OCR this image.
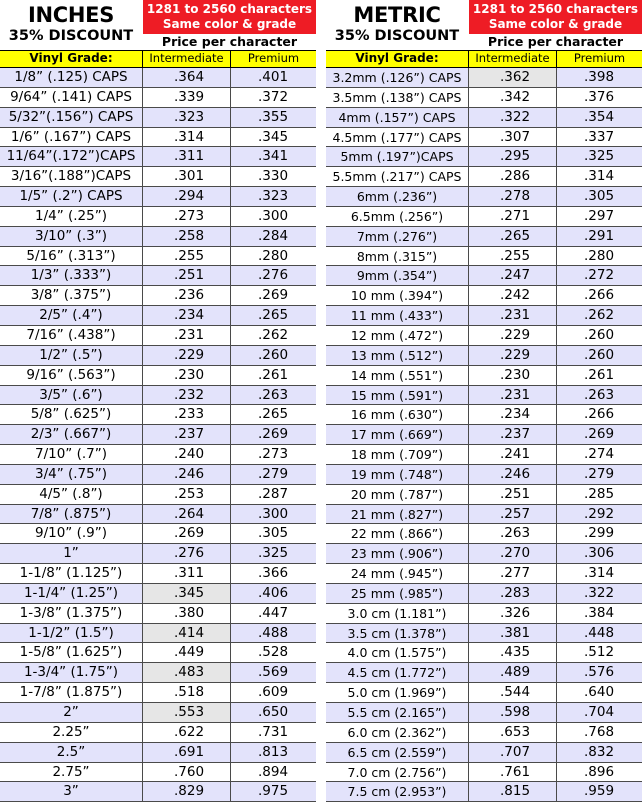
INCHES
35% DISCOUNT
1281 to 2560 characters
Same color & grade
Price per character
Vinyl Grade:	Intermediate	Premium
1/8” (.125) CAPS	.364	.401
9/64” (.141) CAPS	.339	.372
5/32”(.156”) CAPS	.323	.355
1/6” (.167”) CAPS	.314	.345
11/64”(.172”)CAPS	.311	.341
3/16”(.188”)CAPS	.301	.330
1/5” (.2”) CAPS	.294	.323
1/4” (.25”)	.273	.300
3/10” (.3”)	.258	.284
5/16” (.313”)	.255	.280
1/3” (.333”)	.251	.276
3/8” (.375”)	.236	.269
2/5” (.4”)	.234	.265
7/16” (.438”)	.231	.262
1/2” (.5”)	.229	.260
9/16” (.563”)	.230	.261
3/5” (.6”)	.232	.263
5/8” (.625”)	.233	.265
2/3” (.667”)	.237	.269
7/10” (.7”)	.240	.273
3/4” (.75”)	.246	.279
4/5” (.8”)	.253	.287
7/8” (.875”)	.264	.300
9/10” (.9”)	.269	.305
1”	.276	.325
1-1/8” (1.125”)	.311	.366
1-1/4” (1.25”)	.345	.406
1-3/8” (1.375”)	.380	.447
1-1/2” (1.5”)	.414	.488
1-5/8” (1.625”)	.449	.528
1-3/4” (1.75”)	.483	.569
1-7/8” (1.875”)	.518	.609
2”	.553	.650
2.25”	.622	.731
2.5”	.691	.813
2.75”	.760	.894
3”	.829	.975
METRIC
35% DISCOUNT
1281 to 2560 characters
Same color & grade
Price per character
Vinyl Grade:	Intermediate	Premium
3.2mm (.126”) CAPS	.362	.398
3.5mm (.138”) CAPS	.342	.376
4mm (.157”) CAPS	.322	.354
4.5mm (.177”) CAPS	.307	.337
5mm (.197”)CAPS	.295	.325
5.5mm (.217”) CAPS	.286	.314
6mm (.236”)	.278	.305
6.5mm (.256”)	.271	.297
7mm (.276”)	.265	.291
8mm (.315”)	.255	.280
9mm (.354”)	.247	.272
10 mm (.394”)	.242	.266
11 mm (.433”)	.231	.262
12 mm (.472”)	.229	.260
13 mm (.512”)	.229	.260
14 mm (.551”)	.230	.261
15 mm (.591”)	.231	.263
16 mm (.630”)	.234	.266
17 mm (.669”)	.237	.269
18 mm (.709”)	.241	.274
19 mm (.748”)	.246	.279
20 mm (.787”)	.251	.285
21 mm (.827”)	.257	.292
22 mm (.866”)	.263	.299
23 mm (.906”)	.270	.306
24 mm (.945”)	.277	.314
25 mm (.985”)	.283	.322
3.0 cm (1.181”)	.326	.384
3.5 cm (1.378”)	.381	.448
4.0 cm (1.575”)	.435	.512
4.5 cm (1.772”)	.489	.576
5.0 cm (1.969”)	.544	.640
5.5 cm (2.165”)	.598	.704
6.0 cm (2.362”)	.653	.768
6.5 cm (2.559”)	.707	.832
7.0 cm (2.756”)	.761	.896
7.5 cm (2.953”)	.815	.959
